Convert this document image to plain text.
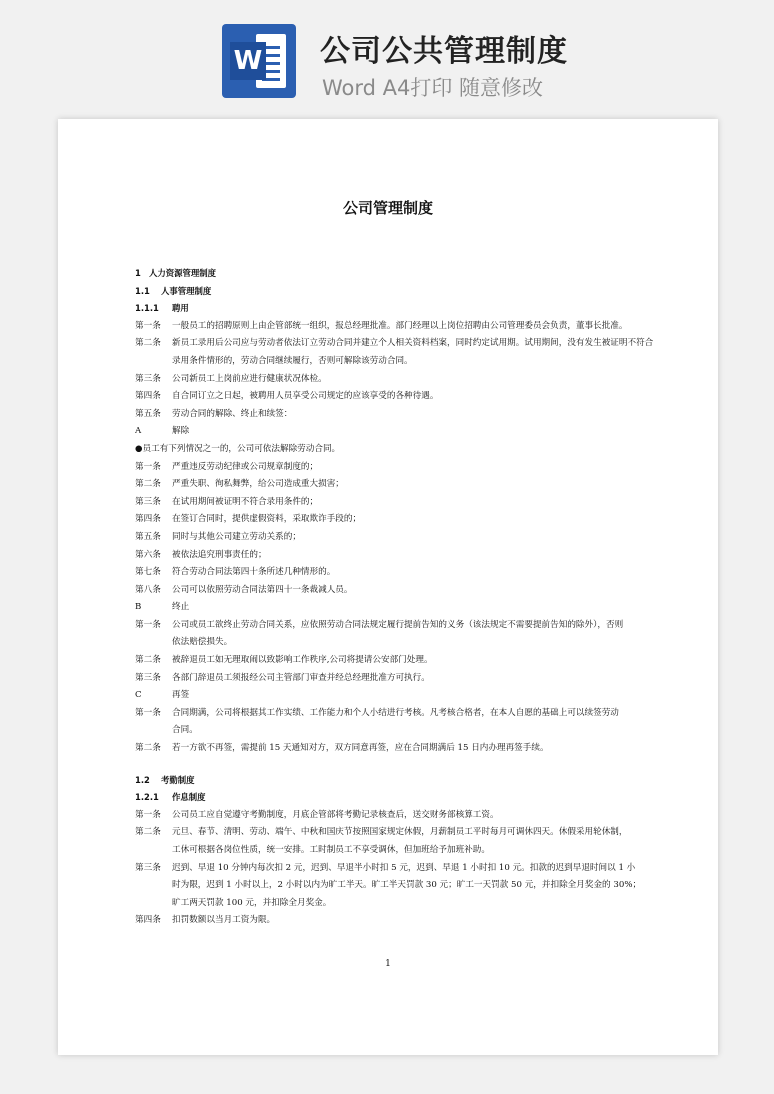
W 公司公共管理制度
Word A4打印 随意修改
公司管理制度
1 人力资源管理制度
1.1 人事管理制度
1.1.1 聘用
第一条 一般员工的招聘原则上由企管部统一组织，报总经理批准。部门经理以上岗位招聘由公司管理委员会负责，董事长批准。
第二条 新员工录用后公司应与劳动者依法订立劳动合同并建立个人相关资料档案，同时约定试用期。试用期间，没有发生被证明不符合
录用条件情形的，劳动合同继续履行，否则可解除该劳动合同。
第三条 公司新员工上岗前应进行健康状况体检。
第四条 自合同订立之日起，被聘用人员享受公司规定的应该享受的各种待遇。
第五条 劳动合同的解除、终止和续签：
A	解除
●员工有下列情况之一的，公司可依法解除劳动合同。
第一条 严重违反劳动纪律或公司规章制度的；
第二条 严重失职、徇私舞弊，给公司造成重大损害；
第三条 在试用期间被证明不符合录用条件的；
第四条 在签订合同时，提供虚假资料，采取欺诈手段的；
第五条 同时与其他公司建立劳动关系的；
第六条 被依法追究刑事责任的；
第七条 符合劳动合同法第四十条所述几种情形的。
第八条 公司可以依照劳动合同法第四十一条裁减人员。
B	终止
第一条 公司或员工欲终止劳动合同关系，应依照劳动合同法规定履行提前告知的义务（该法规定不需要提前告知的除外），否则
依法赔偿损失。
第二条 被辞退员工如无理取闹以致影响工作秩序,公司将提请公安部门处理。
第三条 各部门辞退员工须报经公司主管部门审查并经总经理批准方可执行。
C	再签
第一条 合同期满，公司将根据其工作实绩、工作能力和个人小结进行考核。凡考核合格者，在本人自愿的基础上可以续签劳动
合同。
第二条 若一方欲不再签，需提前 15 天通知对方，双方同意再签，应在合同期满后 15 日内办理再签手续。
1.2 考勤制度
1.2.1 作息制度
第一条 公司员工应自觉遵守考勤制度，月底企管部将考勤记录核查后，送交财务部核算工资。
第二条 元旦、春节、清明、劳动、端午、中秋和国庆节按照国家规定休假，月薪制员工平时每月可调休四天。休假采用轮休制，
工休可根据各岗位性质，统一安排。工时制员工不享受调休，但加班给予加班补助。
第三条 迟到、早退 10 分钟内每次扣 2 元，迟到、早退半小时扣 5 元，迟到、早退 1 小时扣 10 元。扣款的迟到早退时间以 1 小
时为限，迟到 1 小时以上，2 小时以内为旷工半天。旷工半天罚款 30 元；旷工一天罚款 50 元，并扣除全月奖金的 30%；
旷工两天罚款 100 元，并扣除全月奖金。
第四条 扣罚数额以当月工资为限。
1
